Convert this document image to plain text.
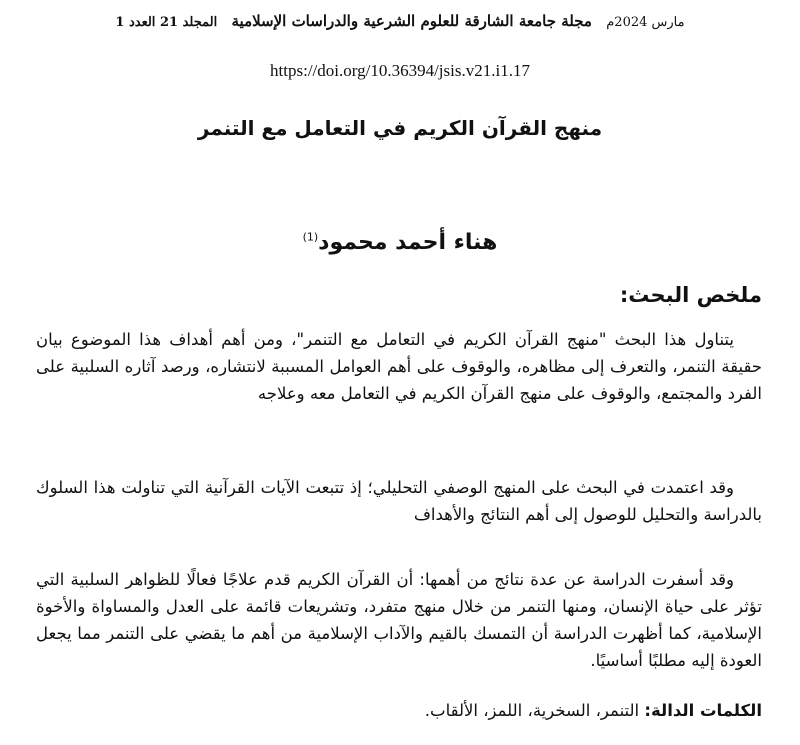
مارس 2024م   مجلة جامعة الشارقة للعلوم الشرعية والدراسات الإسلامية   المجلد 21 العدد 1
https://doi.org/10.36394/jsis.v21.i1.17
منهج القرآن الكريم في التعامل مع التنمر
هناء أحمد محمود$^{(1)}$
ملخص البحث:
يتناول هذا البحث "منهج القرآن الكريم في التعامل مع التنمر"، ومن أهم أهداف هذا الموضوع بيان حقيقة التنمر، والتعرف إلى مظاهره، والوقوف على أهم العوامل المسببة لانتشاره، ورصد آثاره السلبية على الفرد والمجتمع، والوقوف على منهج القرآن الكريم في التعامل معه وعلاجه
وقد اعتمدت في البحث على المنهج الوصفي التحليلي؛ إذ تتبعت الآيات القرآنية التي تناولت هذا السلوك بالدراسة والتحليل للوصول إلى أهم النتائج والأهداف
وقد أسفرت الدراسة عن عدة نتائج من أهمها: أن القرآن الكريم قدم علاجًا فعالًا للظواهر السلبية التي تؤثر على حياة الإنسان، ومنها التنمر من خلال منهج متفرد، وتشريعات قائمة على العدل والمساواة والأخوة الإسلامية، كما أظهرت الدراسة أن التمسك بالقيم والآداب الإسلامية من أهم ما يقضي على التنمر مما يجعل العودة إليه مطلبًا أساسيًا.
الكلمات الدالة: التنمر، السخرية، اللمز، الألقاب.
